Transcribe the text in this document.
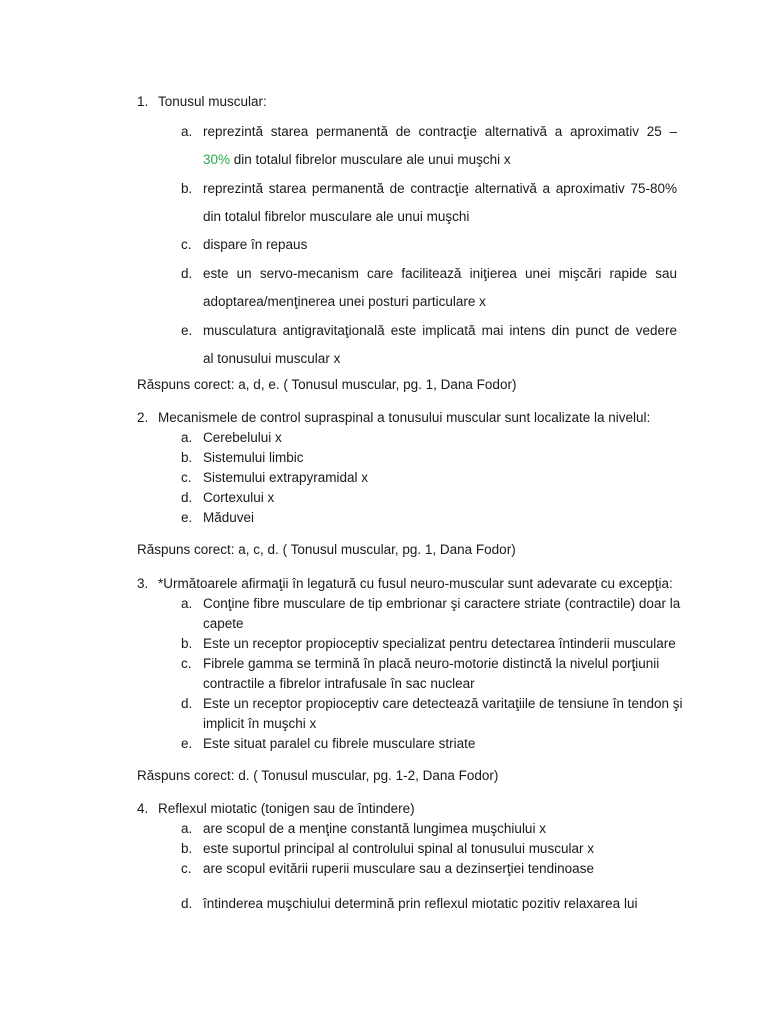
1. Tonusul muscular:
a. reprezintă starea permanentă de contracţie alternativă a aproximativ 25 –
30% din totalul fibrelor musculare ale unui muşchi x
b. reprezintă starea permanentă de contracţie alternativă a aproximativ 75-80%
din totalul fibrelor musculare ale unui muşchi
c. dispare în repaus
d. este un servo-mecanism care facilitează iniţierea unei mişcări rapide sau
adoptarea/menţinerea unei posturi particulare x
e. musculatura antigravitaţională este implicată mai intens din punct de vedere
al tonusului muscular x
Răspuns corect: a, d, e. ( Tonusul muscular, pg. 1, Dana Fodor)
2. Mecanismele de control supraspinal a tonusului muscular sunt localizate la nivelul:
a. Cerebelului x
b. Sistemului limbic
c. Sistemului extrapyramidal x
d. Cortexului x
e. Măduvei
Răspuns corect: a, c, d. ( Tonusul muscular, pg. 1, Dana Fodor)
3. *Următoarele afirmaţii în legatură cu fusul neuro-muscular sunt adevarate cu excepţia:
a. Conţine fibre musculare de tip embrionar şi caractere striate (contractile) doar la
capete
b. Este un receptor propioceptiv specializat pentru detectarea întinderii musculare
c. Fibrele gamma se termină în placă neuro-motorie distinctă la nivelul porţiunii
contractile a fibrelor intrafusale în sac nuclear
d. Este un receptor propioceptiv care detectează varitaţiile de tensiune în tendon şi
implicit în muşchi x
e. Este situat paralel cu fibrele musculare striate
Răspuns corect: d. ( Tonusul muscular, pg. 1-2, Dana Fodor)
4. Reflexul miotatic (tonigen sau de întindere)
a. are scopul de a menţine constantă lungimea muşchiului x
b. este suportul principal al controlului spinal al tonusului muscular x
c. are scopul evitării ruperii musculare sau a dezinserţiei tendinoase
d. întinderea muşchiului determină prin reflexul miotatic pozitiv relaxarea lui
